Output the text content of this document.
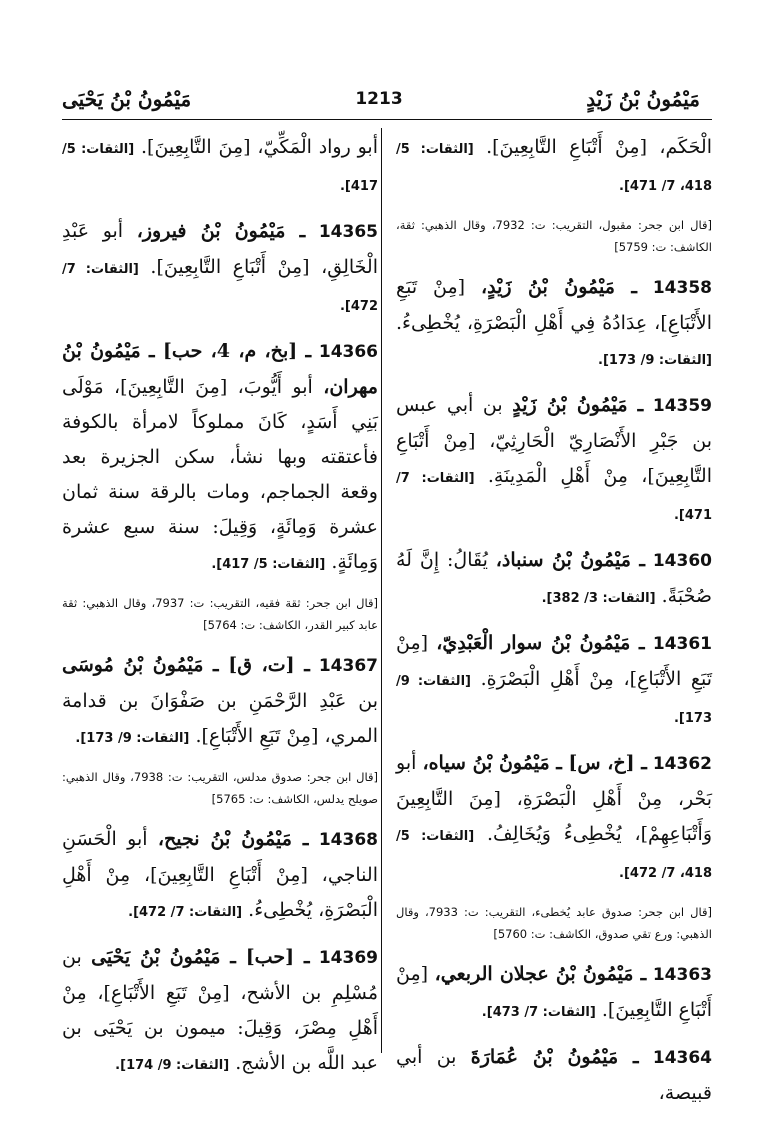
مَيْمُونُ بْنُ زَيْدٍ
1213
مَيْمُونُ بْنُ يَحْيَى
الْحَكَم، [مِنْ أَتْبَاعِ التَّابِعِينَ]. [الثقات: 5/ 418، 7/ 471].
[قال ابن جحر: مقبول، التقريب: ت: 7932، وقال الذهبي: ثقة، الكاشف: ت: 5759]
14358 ـ مَيْمُونُ بْنُ زَيْدٍ، [مِنْ تَبَعِ الأَتْبَاعِ]، عِدَادُهُ فِي أَهْلِ الْبَصْرَةِ، يُخْطِىءُ. [الثقات: 9/ 173].
14359 ـ مَيْمُونُ بْنُ زَيْدٍ بن أبي عبس بن جَبْرِ الأَنْصَارِيّ الْحَارِثِيّ، [مِنْ أَتْبَاعِ التَّابِعِينَ]، مِنْ أَهْلِ الْمَدِينَةِ. [الثقات: 7/ 471].
14360 ـ مَيْمُونُ بْنُ سنباذ، يُقَالُ: إِنَّ لَهُ صُحْبَةً. [الثقات: 3/ 382].
14361 ـ مَيْمُونُ بْنُ سوار الْعَبْدِيّ، [مِنْ تَبَعِ الأَتْبَاعِ]، مِنْ أَهْلِ الْبَصْرَةِ. [الثقات: 9/ 173].
14362 ـ [خ، س] ـ مَيْمُونُ بْنُ سياه، أبو بَحْر، مِنْ أَهْلِ الْبَصْرَةِ، [مِنَ التَّابِعِينَ وَأَتْبَاعِهِمْ]، يُخْطِىءُ وَيُخَالِفُ. [الثقات: 5/ 418، 7/ 472].
[قال ابن جحر: صدوق عابد يُخطىء، التقريب: ت: 7933، وقال الذهبي: ورع تقي صدوق، الكاشف: ت: 5760]
14363 ـ مَيْمُونُ بْنُ عجلان الربعي، [مِنْ أَتْبَاعِ التَّابِعِينَ]. [الثقات: 7/ 473].
14364 ـ مَيْمُونُ بْنُ عُمَارَةَ بن أبي قبيصة،
أبو رواد الْمَكِّيّ، [مِنَ التَّابِعِينَ]. [الثقات: 5/ 417].
14365 ـ مَيْمُونُ بْنُ فيروز، أبو عَبْدِ الْخَالِقِ، [مِنْ أَتْبَاعِ التَّابِعِينَ]. [الثقات: 7/ 472].
14366 ـ [بخ، م، 4، حب] ـ مَيْمُونُ بْنُ مهران، أبو أَيُّوبَ، [مِنَ التَّابِعِينَ]، مَوْلَى بَنِي أَسَدٍ، كَانَ مملوكاً لامرأة بالكوفة فأعتقته وبها نشأ، سكن الجزيرة بعد وقعة الجماجم، ومات بالرقة سنة ثمان عشرة وَمِائَةٍ، وَقِيلَ: سنة سبع عشرة وَمِائَةٍ. [الثقات: 5/ 417].
[قال ابن جحر: ثقة فقيه، التقريب: ت: 7937، وقال الذهبي: ثقة عابد كبير القدر، الكاشف: ت: 5764]
14367 ـ [ت، ق] ـ مَيْمُونُ بْنُ مُوسَى بن عَبْدِ الرَّحْمَنِ بن صَفْوَانَ بن قدامة المري، [مِنْ تَبَعِ الأَتْبَاعِ]. [الثقات: 9/ 173].
[قال ابن جحر: صدوق مدلس، التقريب: ت: 7938، وقال الذهبي: صويلح يدلس، الكاشف: ت: 5765]
14368 ـ مَيْمُونُ بْنُ نجيح، أبو الْحَسَنِ الناجي، [مِنْ أَتْبَاعِ التَّابِعِينَ]، مِنْ أَهْلِ الْبَصْرَةِ، يُخْطِىءُ. [الثقات: 7/ 472].
14369 ـ [حب] ـ مَيْمُونُ بْنُ يَحْيَى بن مُسْلِمِ بن الأشح، [مِنْ تَبَعِ الأَتْبَاعِ]، مِنْ أَهْلِ مِصْرَ، وَقِيلَ: ميمون بن يَحْيَى بن عبد اللَّه بن الأشج. [الثقات: 9/ 174].
